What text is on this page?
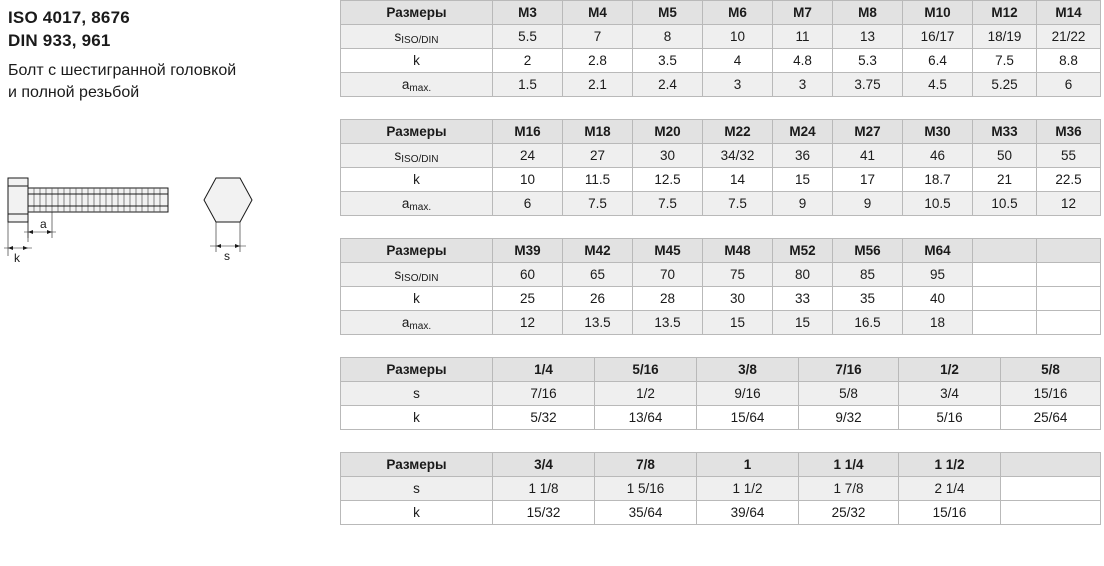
ISO 4017, 8676
DIN 933, 961
Болт с шестигранной головкой
и полной резьбой
k
a
s
Размеры	M3	M4	M5	M6	M7	M8	M10	M12	M14
sISO/DIN	5.5	7	8	10	11	13	16/17	18/19	21/22
k	2	2.8	3.5	4	4.8	5.3	6.4	7.5	8.8
amax.	1.5	2.1	2.4	3	3	3.75	4.5	5.25	6
Размеры	M16	M18	M20	M22	M24	M27	M30	M33	M36
sISO/DIN	24	27	30	34/32	36	41	46	50	55
k	10	11.5	12.5	14	15	17	18.7	21	22.5
amax.	6	7.5	7.5	7.5	9	9	10.5	10.5	12
Размеры	M39	M42	M45	M48	M52	M56	M64		
sISO/DIN	60	65	70	75	80	85	95		
k	25	26	28	30	33	35	40		
amax.	12	13.5	13.5	15	15	16.5	18		
Размеры	1/4	5/16	3/8	7/16	1/2	5/8
s	7/16	1/2	9/16	5/8	3/4	15/16
k	5/32	13/64	15/64	9/32	5/16	25/64
Размеры	3/4	7/8	1	1 1/4	1 1/2	
s	1 1/8	1 5/16	1 1/2	1 7/8	2 1/4	
k	15/32	35/64	39/64	25/32	15/16	
